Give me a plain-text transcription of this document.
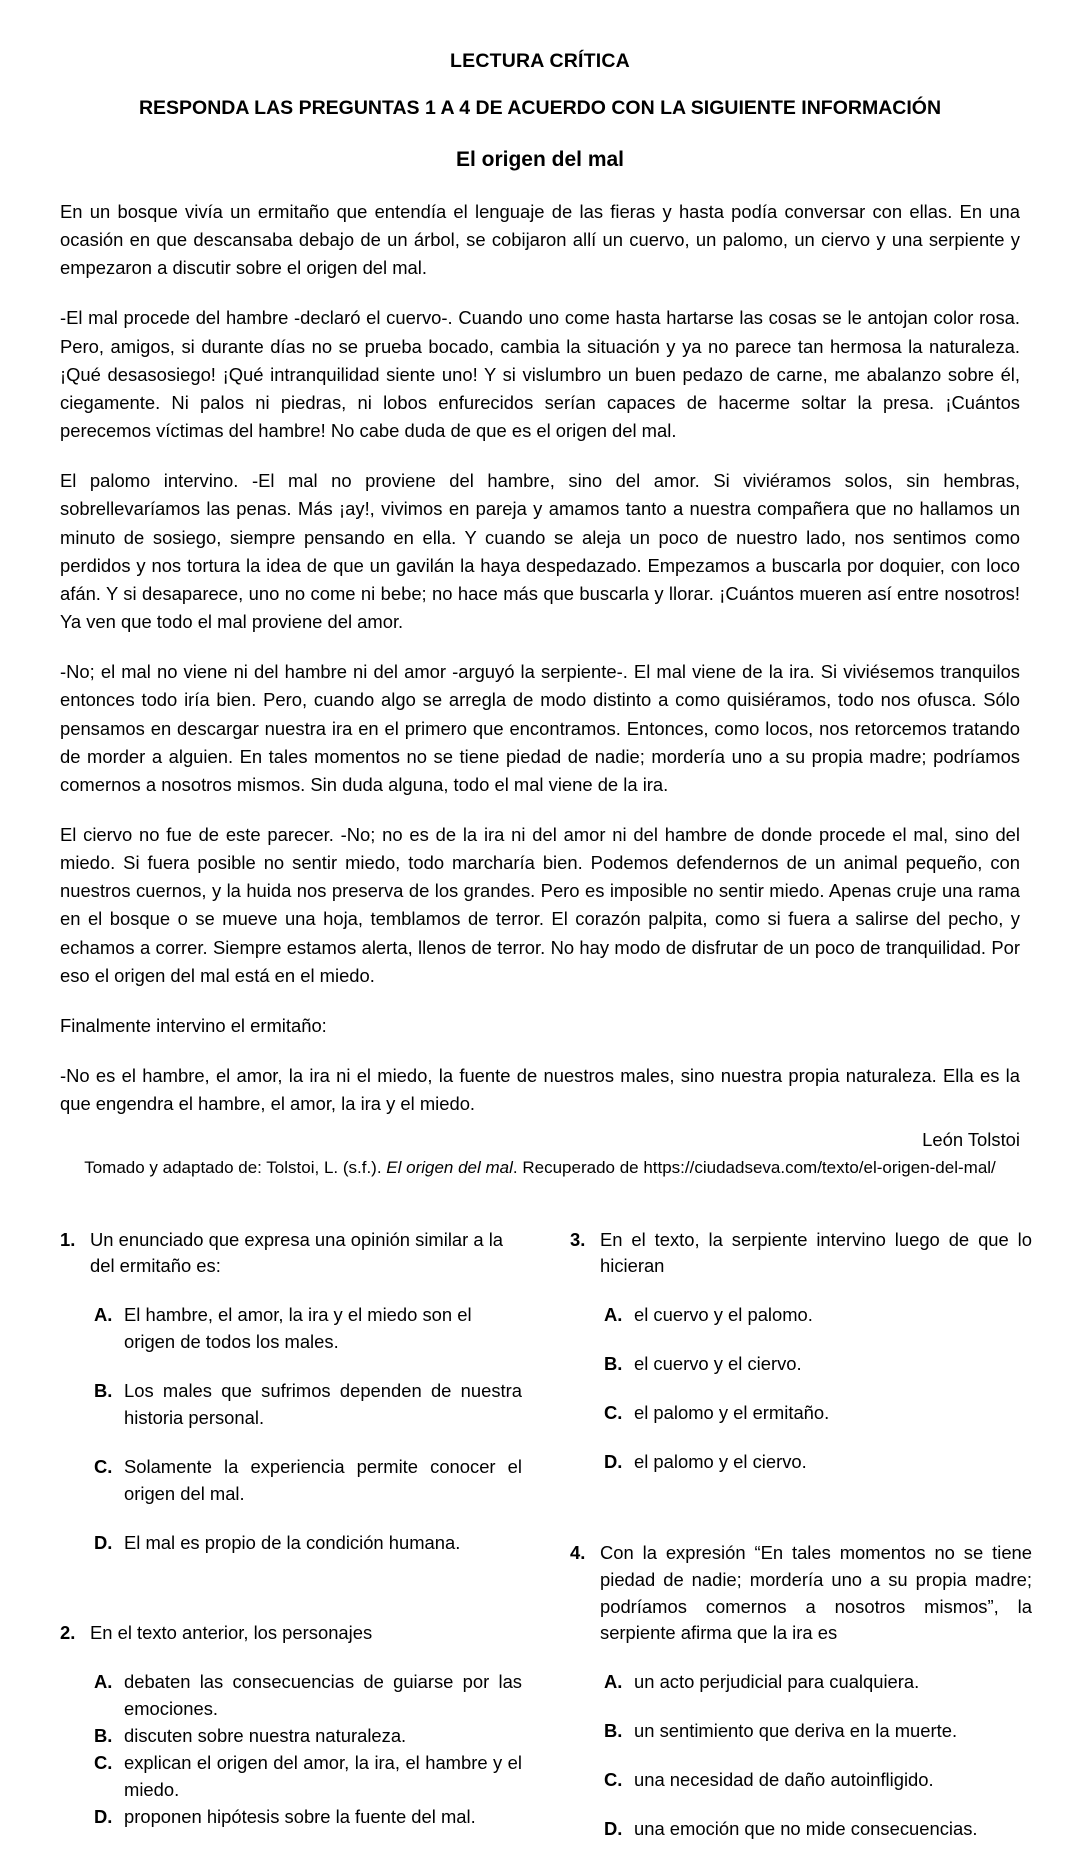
LECTURA CRÍTICA
RESPONDA LAS PREGUNTAS 1 A 4 DE ACUERDO CON LA SIGUIENTE INFORMACIÓN
El origen del mal

En un bosque vivía un ermitaño que entendía el lenguaje de las fieras y hasta podía conversar con ellas. En una ocasión en que descansaba debajo de un árbol, se cobijaron allí un cuervo, un palomo, un ciervo y una serpiente y empezaron a discutir sobre el origen del mal.

-El mal procede del hambre -declaró el cuervo-. Cuando uno come hasta hartarse las cosas se le antojan color rosa. Pero, amigos, si durante días no se prueba bocado, cambia la situación y ya no parece tan hermosa la naturaleza. ¡Qué desasosiego! ¡Qué intranquilidad siente uno! Y si vislumbro un buen pedazo de carne, me abalanzo sobre él, ciegamente. Ni palos ni piedras, ni lobos enfurecidos serían capaces de hacerme soltar la presa. ¡Cuántos perecemos víctimas del hambre! No cabe duda de que es el origen del mal.

El palomo intervino. -El mal no proviene del hambre, sino del amor. Si viviéramos solos, sin hembras, sobrellevaríamos las penas. Más ¡ay!, vivimos en pareja y amamos tanto a nuestra compañera que no hallamos un minuto de sosiego, siempre pensando en ella. Y cuando se aleja un poco de nuestro lado, nos sentimos como perdidos y nos tortura la idea de que un gavilán la haya despedazado. Empezamos a buscarla por doquier, con loco afán. Y si desaparece, uno no come ni bebe; no hace más que buscarla y llorar. ¡Cuántos mueren así entre nosotros! Ya ven que todo el mal proviene del amor.

-No; el mal no viene ni del hambre ni del amor -arguyó la serpiente-. El mal viene de la ira. Si viviésemos tranquilos entonces todo iría bien. Pero, cuando algo se arregla de modo distinto a como quisiéramos, todo nos ofusca. Sólo pensamos en descargar nuestra ira en el primero que encontramos. Entonces, como locos, nos retorcemos tratando de morder a alguien. En tales momentos no se tiene piedad de nadie; mordería uno a su propia madre; podríamos comernos a nosotros mismos. Sin duda alguna, todo el mal viene de la ira.

El ciervo no fue de este parecer. -No; no es de la ira ni del amor ni del hambre de donde procede el mal, sino del miedo. Si fuera posible no sentir miedo, todo marcharía bien. Podemos defendernos de un animal pequeño, con nuestros cuernos, y la huida nos preserva de los grandes. Pero es imposible no sentir miedo. Apenas cruje una rama en el bosque o se mueve una hoja, temblamos de terror. El corazón palpita, como si fuera a salirse del pecho, y echamos a correr. Siempre estamos alerta, llenos de terror. No hay modo de disfrutar de un poco de tranquilidad. Por eso el origen del mal está en el miedo.

Finalmente intervino el ermitaño:

-No es el hambre, el amor, la ira ni el miedo, la fuente de nuestros males, sino nuestra propia naturaleza. Ella es la que engendra el hambre, el amor, la ira y el miedo.

León Tolstoi

Tomado y adaptado de: Tolstoi, L. (s.f.). El origen del mal. Recuperado de https://ciudadseva.com/texto/el-origen-del-mal/

1. Un enunciado que expresa una opinión similar a la del ermitaño es:
A. El hambre, el amor, la ira y el miedo son el origen de todos los males.
B. Los males que sufrimos dependen de nuestra historia personal.
C. Solamente la experiencia permite conocer el origen del mal.
D. El mal es propio de la condición humana.
2. En el texto anterior, los personajes
A. debaten las consecuencias de guiarse por las emociones.
B. discuten sobre nuestra naturaleza.
C. explican el origen del amor, la ira, el hambre y el miedo.
D. proponen hipótesis sobre la fuente del mal.
3. En el texto, la serpiente intervino luego de que lo hicieran
A. el cuervo y el palomo.
B. el cuervo y el ciervo.
C. el palomo y el ermitaño.
D. el palomo y el ciervo.
4. Con la expresión “En tales momentos no se tiene piedad de nadie; mordería uno a su propia madre; podríamos comernos a nosotros mismos”, la serpiente afirma que la ira es
A. un acto perjudicial para cualquiera.
B. un sentimiento que deriva en la muerte.
C. una necesidad de daño autoinfligido.
D. una emoción que no mide consecuencias.
